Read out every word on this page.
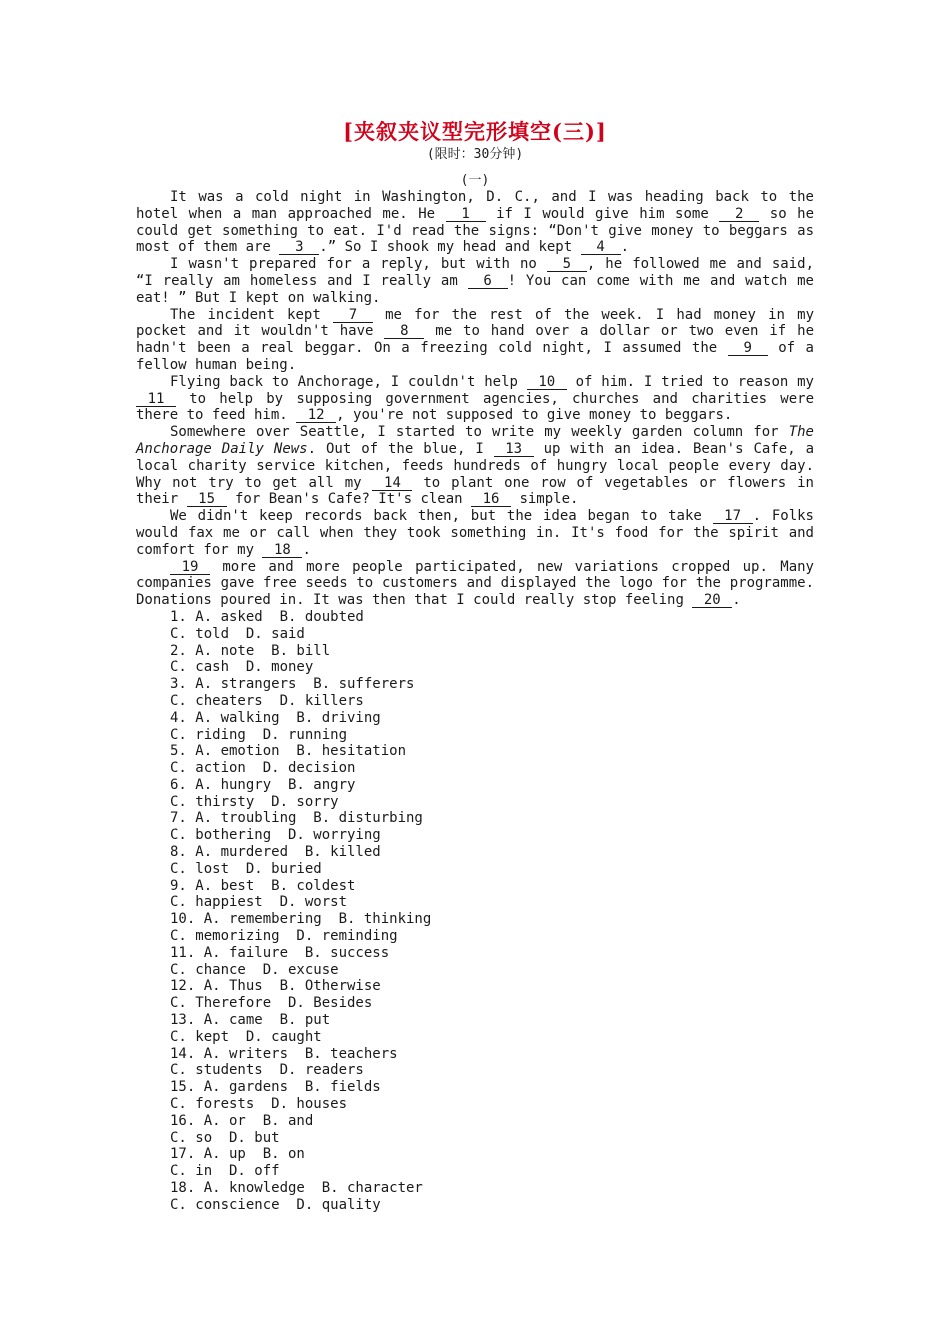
[夹叙夹议型完形填空(三)]
(限时：30分钟)
(一)

It was a cold night in Washington, D. C., and I was heading back to the hotel when a man approached me. He 1 if I would give him some 2 so he could get something to eat. I'd read the signs: “Don't give money to beggars as most of them are 3 .” So I shook my head and kept 4 .

I wasn't prepared for a reply, but with no 5 , he followed me and said, “I really am homeless and I really am 6 ! You can come with me and watch me eat! ” But I kept on walking.

The incident kept 7 me for the rest of the week. I had money in my pocket and it wouldn't have 8 me to hand over a dollar or two even if he hadn't been a real beggar. On a freezing cold night, I assumed the 9 of a fellow human being.

Flying back to Anchorage, I couldn't help 10 of him. I tried to reason my 11 to help by supposing government agencies, churches and charities were there to feed him. 12 , you're not supposed to give money to beggars.

Somewhere over Seattle, I started to write my weekly garden column for The Anchorage Daily News. Out of the blue, I 13 up with an idea. Bean's Cafe, a local charity service kitchen, feeds hundreds of hungry local people every day. Why not try to get all my 14 to plant one row of vegetables or flowers in their 15 for Bean's Cafe? It's clean 16 simple.

We didn't keep records back then, but the idea began to take 17 . Folks would fax me or call when they took something in. It's food for the spirit and comfort for my 18 .

19 more and more people participated, new variations cropped up. Many companies gave free seeds to customers and displayed the logo for the programme. Donations poured in. It was then that I could really stop feeling 20 .

1. A. asked  B. doubted
C. told  D. said
2. A. note  B. bill
C. cash  D. money
3. A. strangers  B. sufferers
C. cheaters  D. killers
4. A. walking  B. driving
C. riding  D. running
5. A. emotion  B. hesitation
C. action  D. decision
6. A. hungry  B. angry
C. thirsty  D. sorry
7. A. troubling  B. disturbing
C. bothering  D. worrying
8. A. murdered  B. killed
C. lost  D. buried
9. A. best  B. coldest
C. happiest  D. worst
10. A. remembering  B. thinking
C. memorizing  D. reminding
11. A. failure  B. success
C. chance  D. excuse
12. A. Thus  B. Otherwise
C. Therefore  D. Besides
13. A. came  B. put
C. kept  D. caught
14. A. writers  B. teachers
C. students  D. readers
15. A. gardens  B. fields
C. forests  D. houses
16. A. or  B. and
C. so  D. but
17. A. up  B. on
C. in  D. off
18. A. knowledge  B. character
C. conscience  D. quality
